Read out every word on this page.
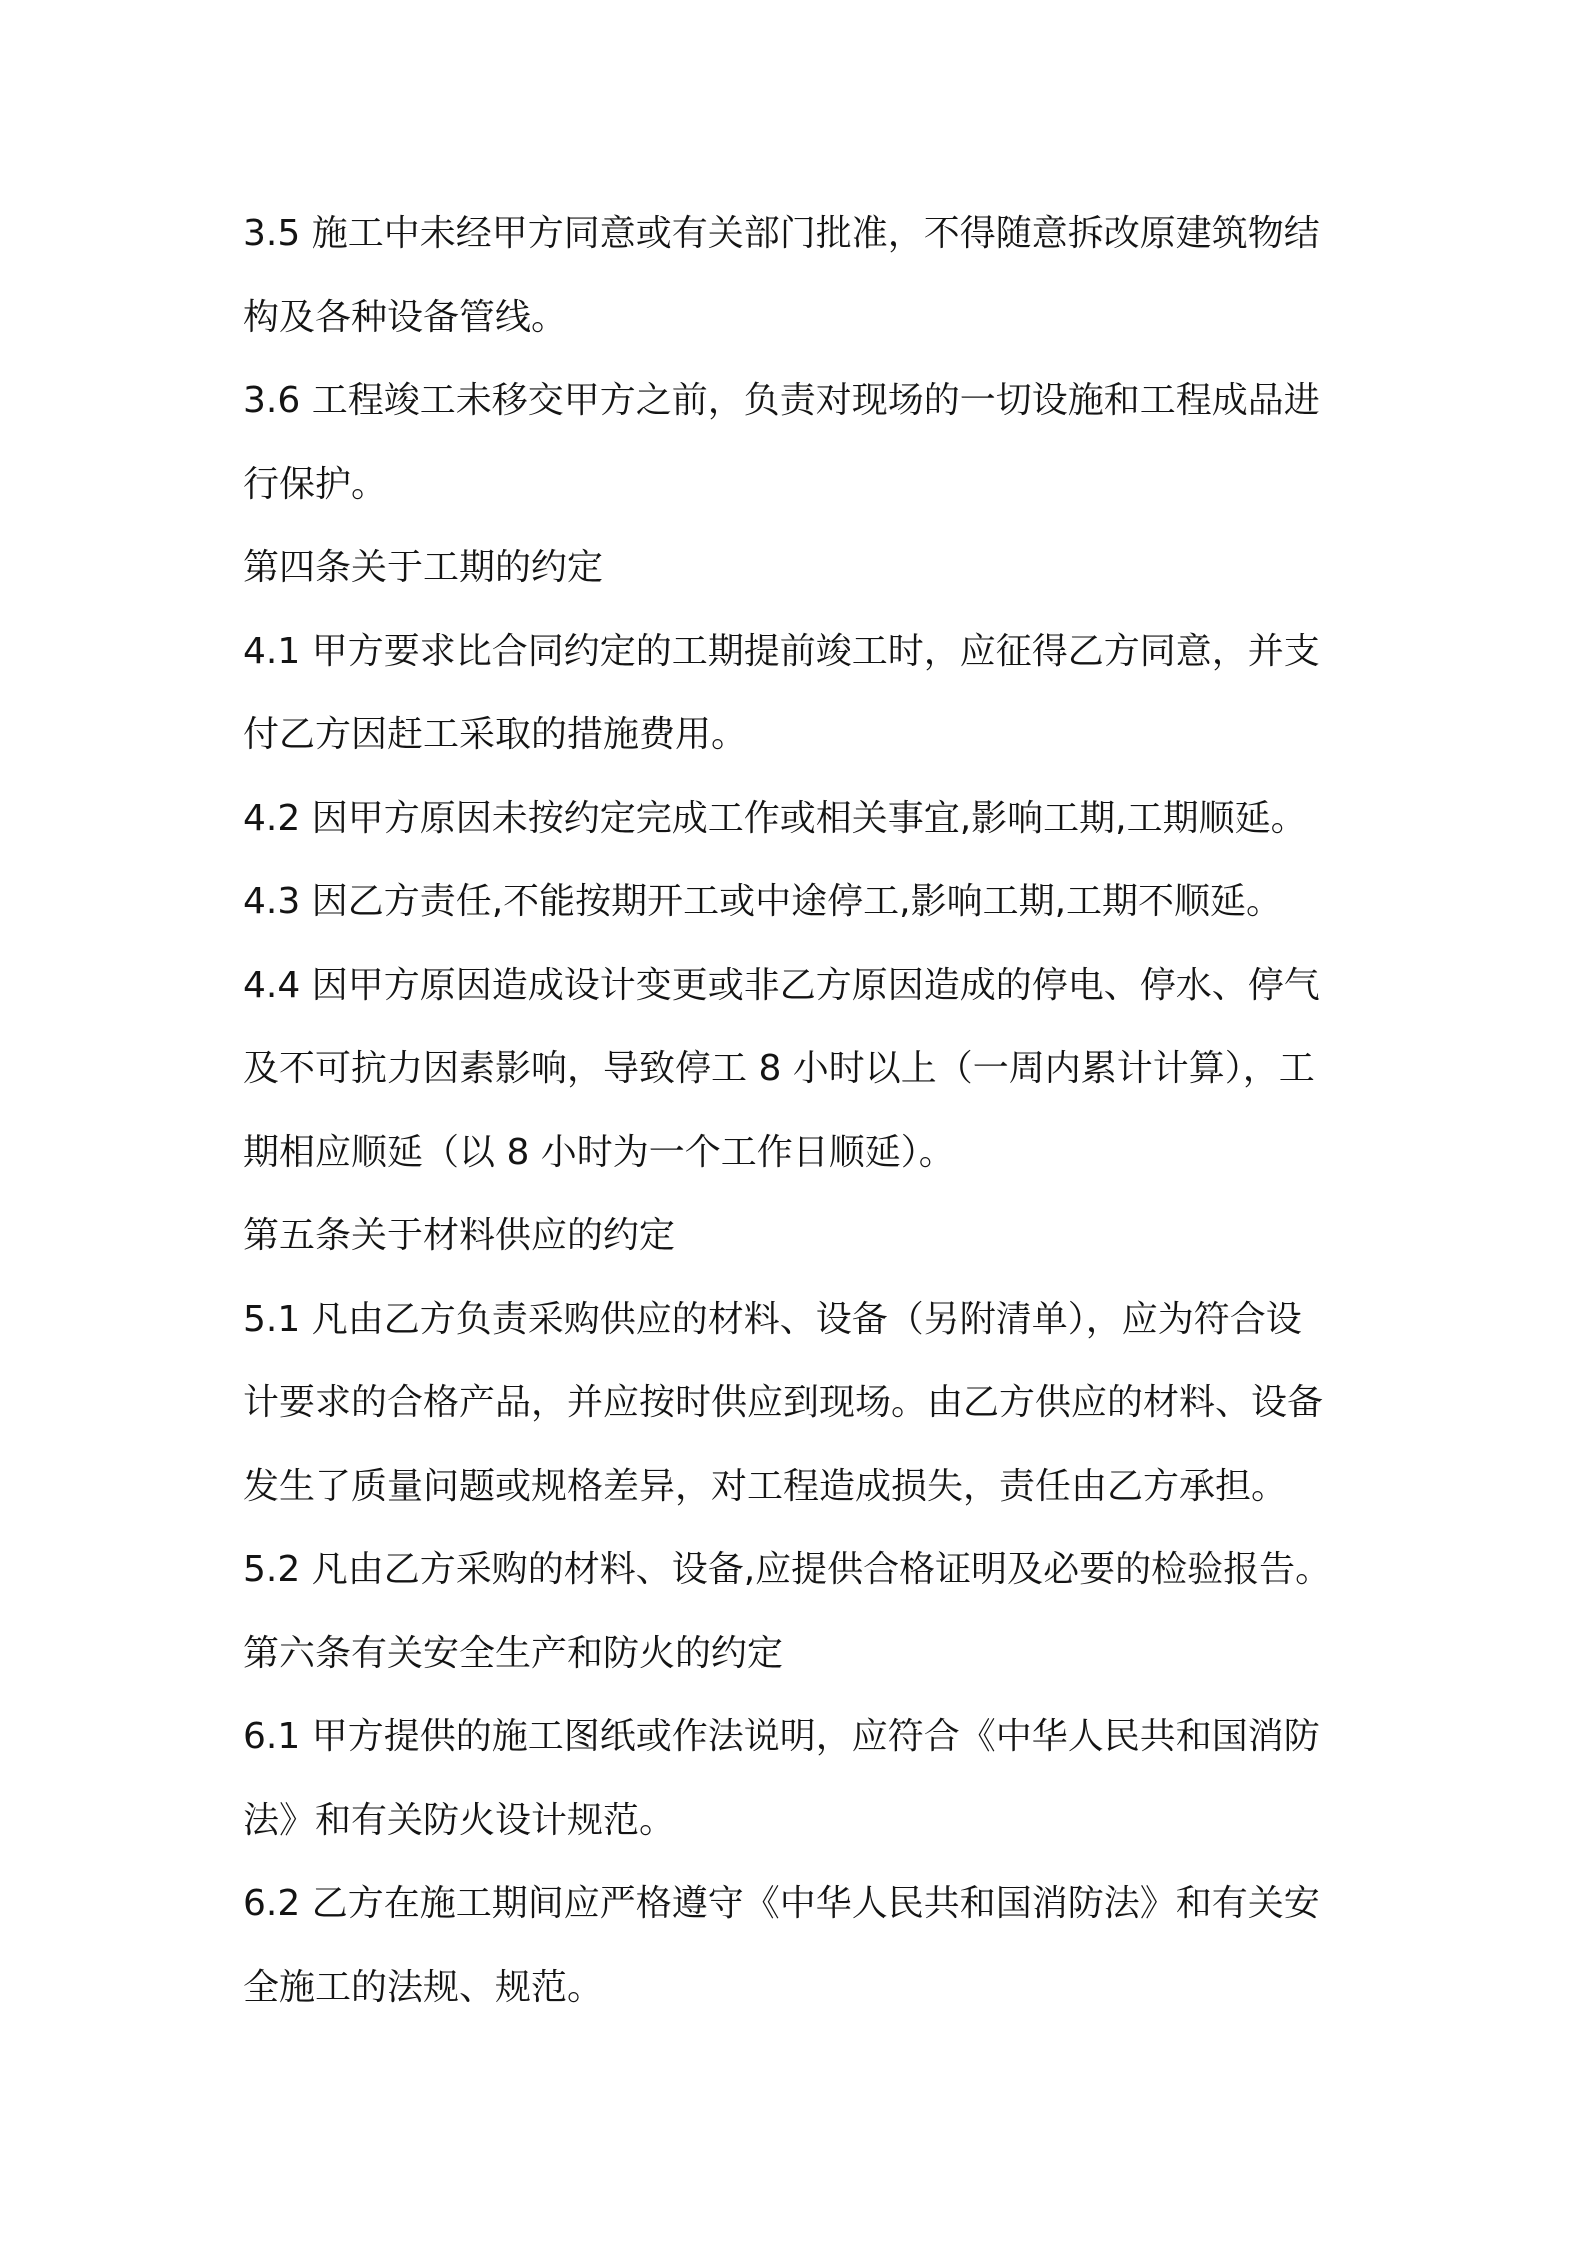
3.5 施工中未经甲方同意或有关部门批准，不得随意拆改原建筑物结
构及各种设备管线。
3.6 工程竣工未移交甲方之前，负责对现场的一切设施和工程成品进
行保护。
第四条关于工期的约定
4.1 甲方要求比合同约定的工期提前竣工时，应征得乙方同意，并支
付乙方因赶工采取的措施费用。
4.2 因甲方原因未按约定完成工作或相关事宜,影响工期,工期顺延。
4.3 因乙方责任,不能按期开工或中途停工,影响工期,工期不顺延。
4.4 因甲方原因造成设计变更或非乙方原因造成的停电、停水、停气
及不可抗力因素影响，导致停工 8 小时以上（一周内累计计算），工
期相应顺延（以 8 小时为一个工作日顺延）。
第五条关于材料供应的约定
5.1 凡由乙方负责采购供应的材料、设备（另附清单），应为符合设
计要求的合格产品，并应按时供应到现场。由乙方供应的材料、设备
发生了质量问题或规格差异，对工程造成损失，责任由乙方承担。
5.2 凡由乙方采购的材料、设备,应提供合格证明及必要的检验报告。
第六条有关安全生产和防火的约定
6.1 甲方提供的施工图纸或作法说明，应符合《中华人民共和国消防
法》和有关防火设计规范。
6.2 乙方在施工期间应严格遵守《中华人民共和国消防法》和有关安
全施工的法规、规范。
